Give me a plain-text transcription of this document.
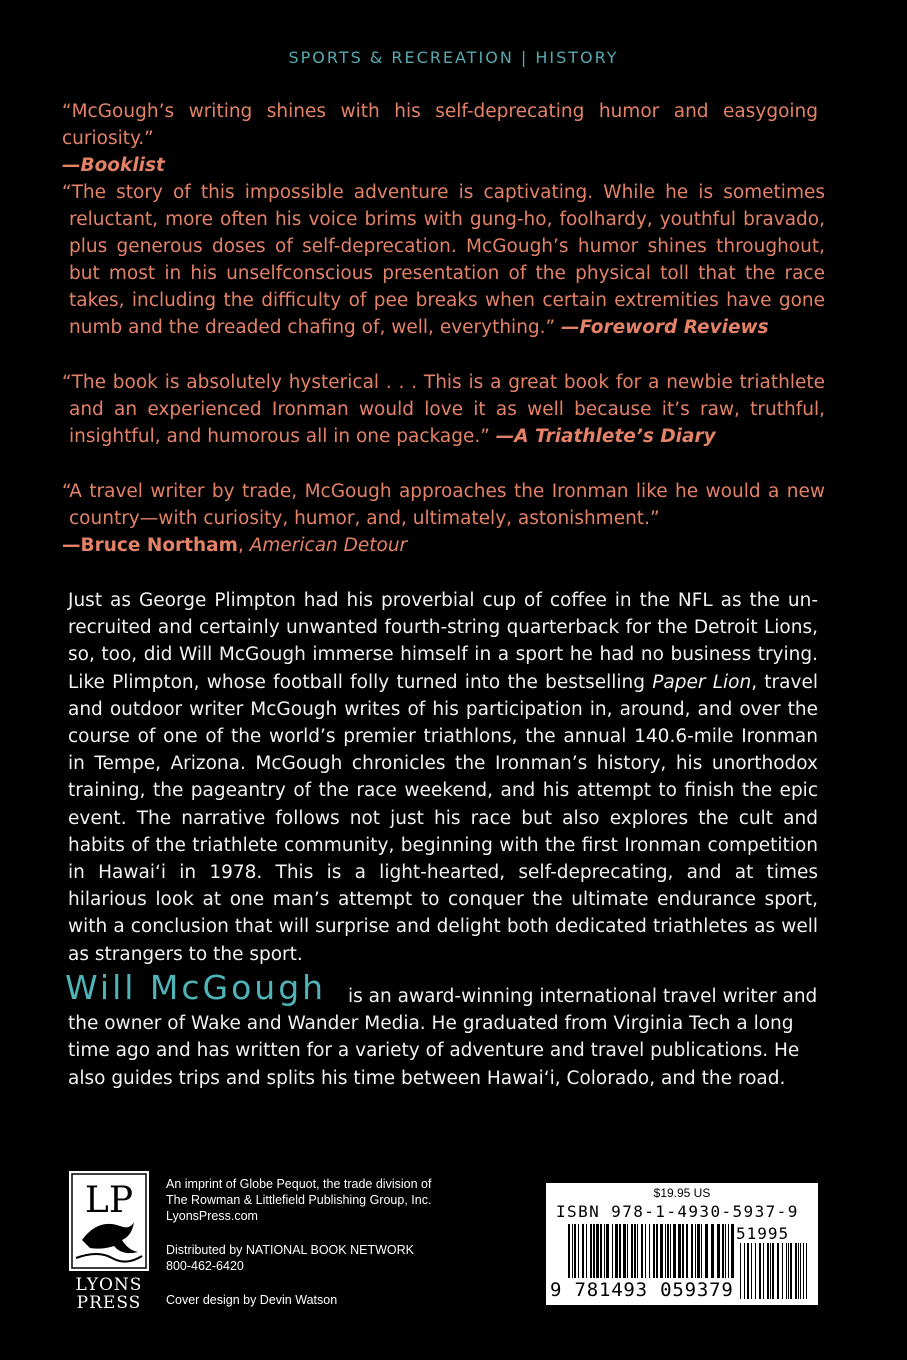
SPORTS & RECREATION | HISTORY
“McGough’s writing shines with his self-deprecating humor and easygoing curiosity.”
—Booklist
“The story of this impossible adventure is captivating. While he is sometimes reluctant, more often his voice brims with gung-ho, foolhardy, youthful bravado, plus generous doses of self-deprecation. McGough’s humor shines throughout, but most in his unselfconscious presentation of the physical toll that the race takes, including the difficulty of pee breaks when certain extremities have gone numb and the dreaded chafing of, well, everything.” —Foreword Reviews
“The book is absolutely hysterical . . . This is a great book for a newbie triathlete and an experienced Ironman would love it as well because it’s raw, truthful, insightful, and humorous all in one package.” —A Triathlete’s Diary
“A travel writer by trade, McGough approaches the Ironman like he would a new country—with curiosity, humor, and, ultimately, astonishment.”
—Bruce Northam, American Detour
Just as George Plimpton had his proverbial cup of coffee in the NFL as the unrecruited and certainly unwanted fourth-string quarterback for the Detroit Lions, so, too, did Will McGough immerse himself in a sport he had no business trying. Like Plimpton, whose football folly turned into the bestselling Paper Lion, travel and outdoor writer McGough writes of his participation in, around, and over the course of one of the world’s premier triathlons, the annual 140.6-mile Ironman in Tempe, Arizona. McGough chronicles the Ironman’s history, his unorthodox training, the pageantry of the race weekend, and his attempt to finish the epic event. The narrative follows not just his race but also explores the cult and habits of the triathlete community, beginning with the first Ironman competition in Hawai‘i in 1978. This is a light-hearted, self-deprecating, and at times hilarious look at one man’s attempt to conquer the ultimate endurance sport, with a conclusion that will surprise and delight both dedicated triathletes as well as strangers to the sport.
is an award-winning international travel writer and the owner of Wake and Wander Media. He graduated from Virginia Tech a long time ago and has written for a variety of adventure and travel publications. He also guides trips and splits his time between Hawai‘i, Colorado, and the road.
Will McGough
LP
LYONS
PRESS
An imprint of Globe Pequot, the trade division of
The Rowman & Littlefield Publishing Group, Inc.
LyonsPress.com
Distributed by NATIONAL BOOK NETWORK
800-462-6420
Cover design by Devin Watson
$19.95 US
ISBN 978-1-4930-5937-9
51995
9 781493 059379
